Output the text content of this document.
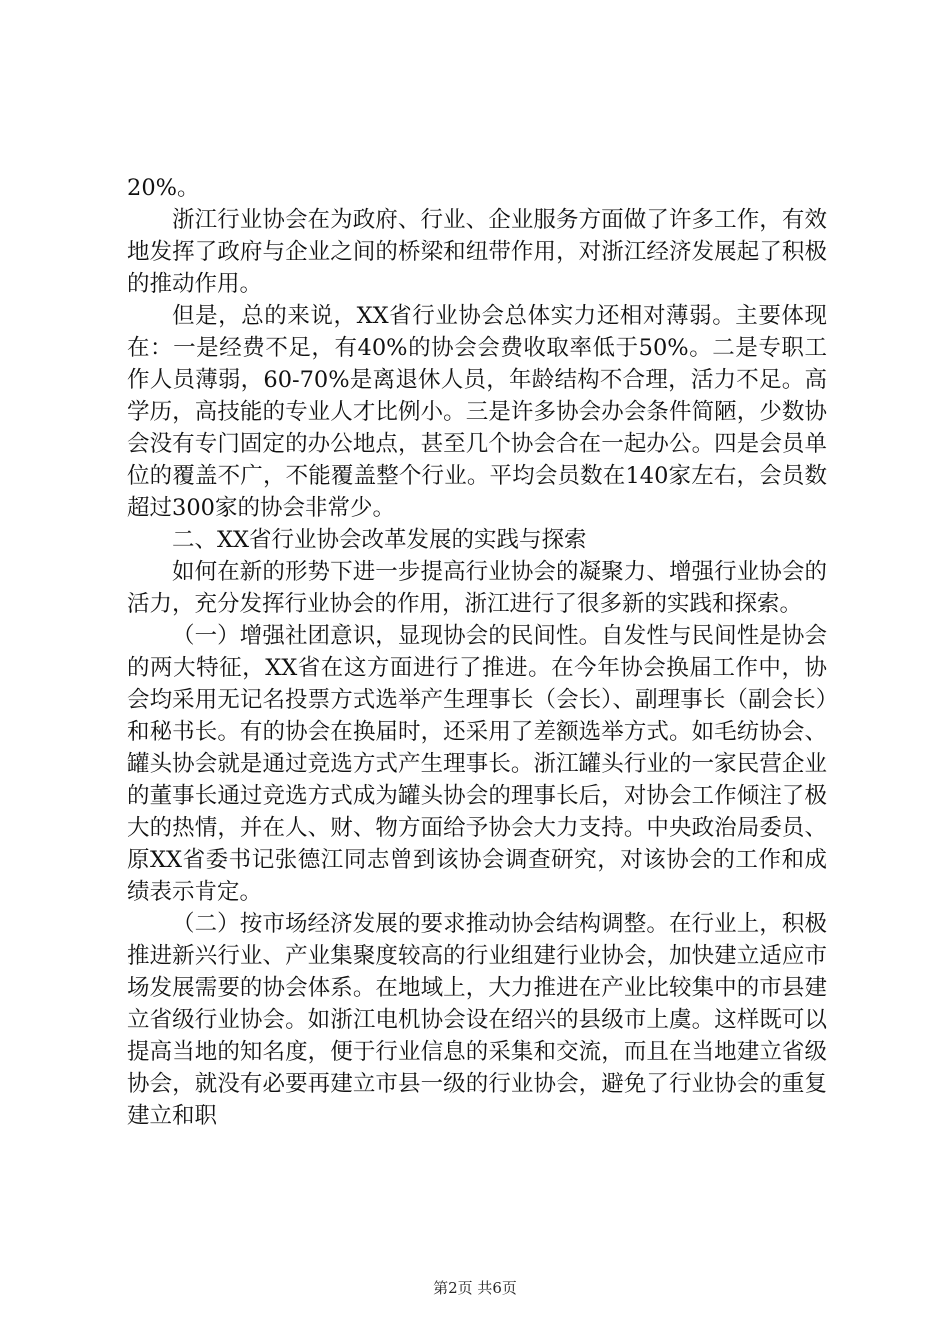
20%。

浙江行业协会在为政府、行业、企业服务方面做了许多工作，有效地发挥了政府与企业之间的桥梁和纽带作用，对浙江经济发展起了积极的推动作用。

但是，总的来说，XX省行业协会总体实力还相对薄弱。主要体现在：一是经费不足，有40%的协会会费收取率低于50%。二是专职工作人员薄弱，60-70%是离退休人员，年龄结构不合理，活力不足。高学历，高技能的专业人才比例小。三是许多协会办会条件简陋，少数协会没有专门固定的办公地点，甚至几个协会合在一起办公。四是会员单位的覆盖不广，不能覆盖整个行业。平均会员数在140家左右，会员数超过300家的协会非常少。

二、XX省行业协会改革发展的实践与探索

如何在新的形势下进一步提高行业协会的凝聚力、增强行业协会的活力，充分发挥行业协会的作用，浙江进行了很多新的实践和探索。

（一）增强社团意识，显现协会的民间性。自发性与民间性是协会的两大特征，XX省在这方面进行了推进。在今年协会换届工作中，协会均采用无记名投票方式选举产生理事长（会长）、副理事长（副会长）和秘书长。有的协会在换届时，还采用了差额选举方式。如毛纺协会、罐头协会就是通过竞选方式产生理事长。浙江罐头行业的一家民营企业的董事长通过竞选方式成为罐头协会的理事长后，对协会工作倾注了极大的热情，并在人、财、物方面给予协会大力支持。中央政治局委员、原XX省委书记张德江同志曾到该协会调查研究，对该协会的工作和成绩表示肯定。

（二）按市场经济发展的要求推动协会结构调整。在行业上，积极推进新兴行业、产业集聚度较高的行业组建行业协会，加快建立适应市场发展需要的协会体系。在地域上，大力推进在产业比较集中的市县建立省级行业协会。如浙江电机协会设在绍兴的县级市上虞。这样既可以提高当地的知名度，便于行业信息的采集和交流，而且在当地建立省级协会，就没有必要再建立市县一级的行业协会，避免了行业协会的重复建立和职

第2页 共6页
